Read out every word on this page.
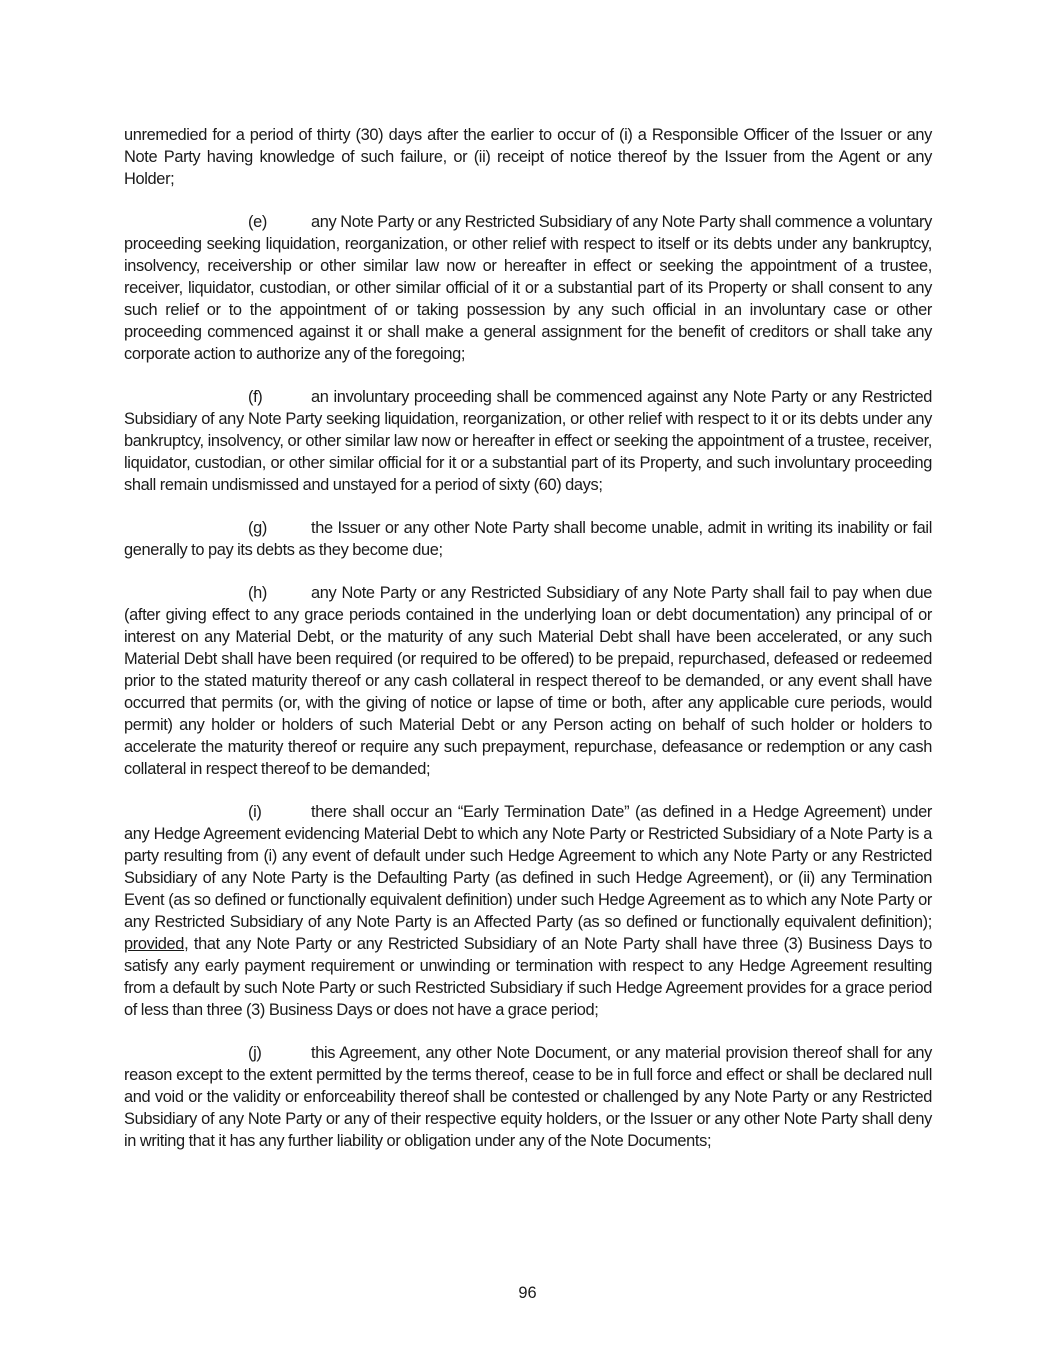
unremedied for a period of thirty (30) days after the earlier to occur of (i) a Responsible Officer of the Issuer or any Note Party having knowledge of such failure, or (ii) receipt of notice thereof by the Issuer from the Agent or any Holder;

(e)	any Note Party or any Restricted Subsidiary of any Note Party shall commence a voluntary proceeding seeking liquidation, reorganization, or other relief with respect to itself or its debts under any bankruptcy, insolvency, receivership or other similar law now or hereafter in effect or seeking the appointment of a trustee, receiver, liquidator, custodian, or other similar official of it or a substantial part of its Property or shall consent to any such relief or to the appointment of or taking possession by any such official in an involuntary case or other proceeding commenced against it or shall make a general assignment for the benefit of creditors or shall take any corporate action to authorize any of the foregoing;

(f)	an involuntary proceeding shall be commenced against any Note Party or any Restricted Subsidiary of any Note Party seeking liquidation, reorganization, or other relief with respect to it or its debts under any bankruptcy, insolvency, or other similar law now or hereafter in effect or seeking the appointment of a trustee, receiver, liquidator, custodian, or other similar official for it or a substantial part of its Property, and such involuntary proceeding shall remain undismissed and unstayed for a period of sixty (60) days;

(g)	the Issuer or any other Note Party shall become unable, admit in writing its inability or fail generally to pay its debts as they become due;

(h)	any Note Party or any Restricted Subsidiary of any Note Party shall fail to pay when due (after giving effect to any grace periods contained in the underlying loan or debt documentation) any principal of or interest on any Material Debt, or the maturity of any such Material Debt shall have been accelerated, or any such Material Debt shall have been required (or required to be offered) to be prepaid, repurchased, defeased or redeemed prior to the stated maturity thereof or any cash collateral in respect thereof to be demanded, or any event shall have occurred that permits (or, with the giving of notice or lapse of time or both, after any applicable cure periods, would permit) any holder or holders of such Material Debt or any Person acting on behalf of such holder or holders to accelerate the maturity thereof or require any such prepayment, repurchase, defeasance or redemption or any cash collateral in respect thereof to be demanded;

(i)	there shall occur an “Early Termination Date” (as defined in a Hedge Agreement) under any Hedge Agreement evidencing Material Debt to which any Note Party or Restricted Subsidiary of a Note Party is a party resulting from (i) any event of default under such Hedge Agreement to which any Note Party or any Restricted Subsidiary of any Note Party is the Defaulting Party (as defined in such Hedge Agreement), or (ii) any Termination Event (as so defined or functionally equivalent definition) under such Hedge Agreement as to which any Note Party or any Restricted Subsidiary of any Note Party is an Affected Party (as so defined or functionally equivalent definition); provided, that any Note Party or any Restricted Subsidiary of an Note Party shall have three (3) Business Days to satisfy any early payment requirement or unwinding or termination with respect to any Hedge Agreement resulting from a default by such Note Party or such Restricted Subsidiary if such Hedge Agreement provides for a grace period of less than three (3) Business Days or does not have a grace period;

(j)	this Agreement, any other Note Document, or any material provision thereof shall for any reason except to the extent permitted by the terms thereof, cease to be in full force and effect or shall be declared null and void or the validity or enforceability thereof shall be contested or challenged by any Note Party or any Restricted Subsidiary of any Note Party or any of their respective equity holders, or the Issuer or any other Note Party shall deny in writing that it has any further liability or obligation under any of the Note Documents;

96
